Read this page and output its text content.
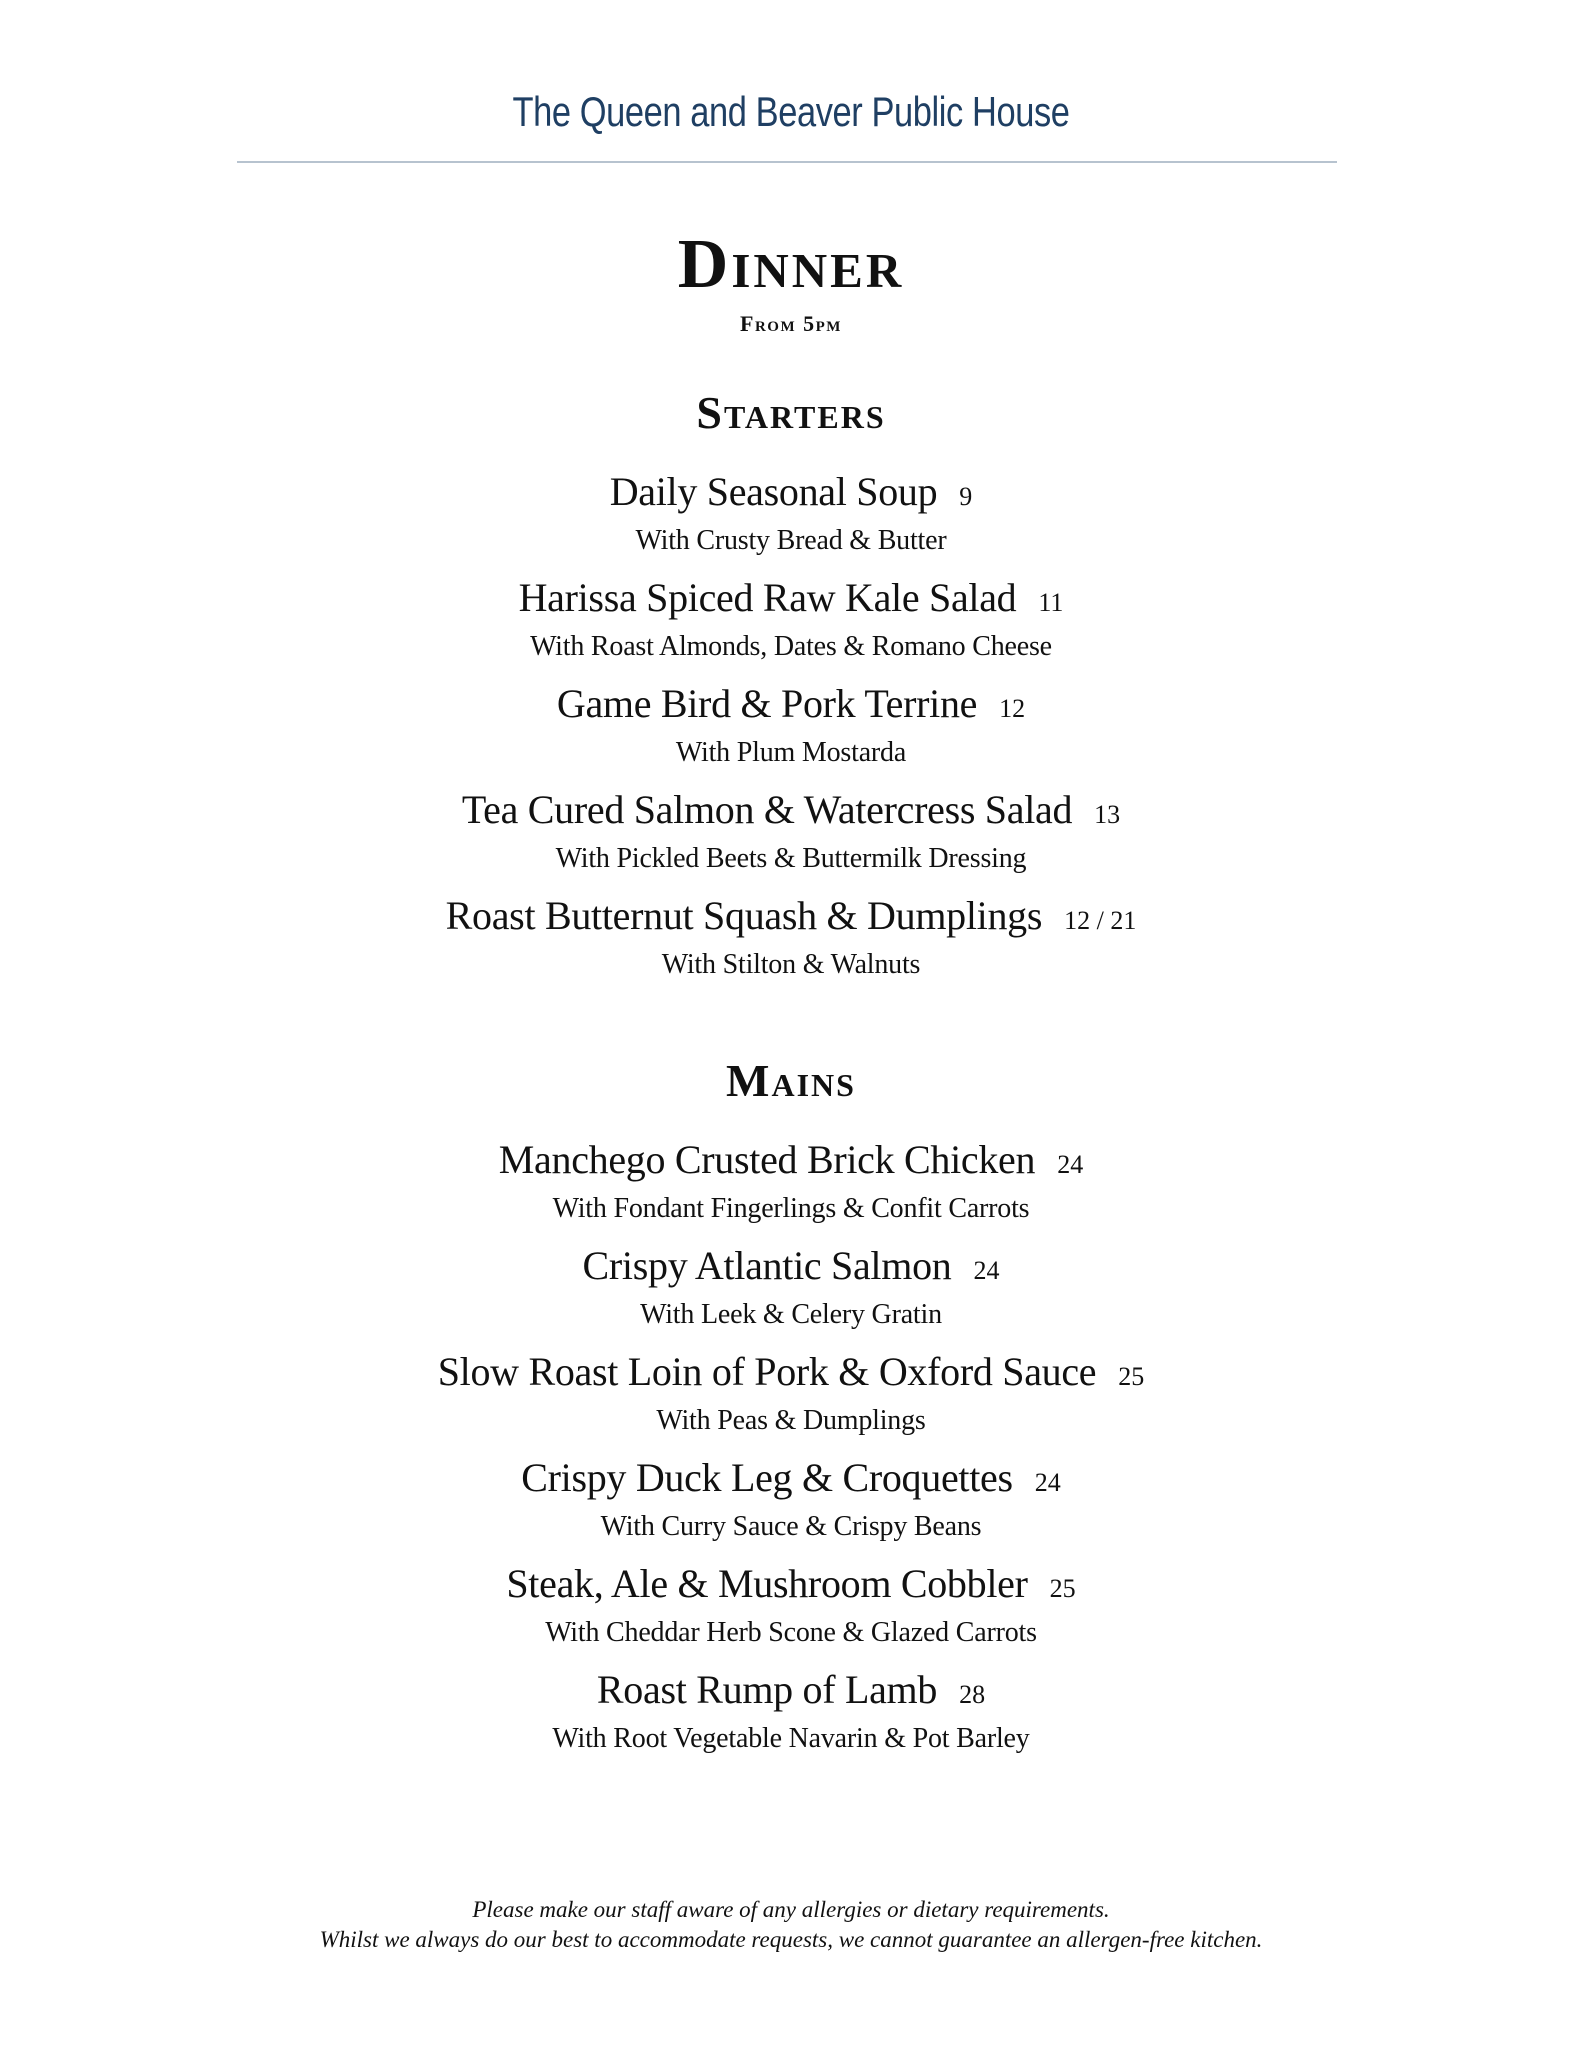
The Queen and Beaver Public House
Dinner
From 5pm
Starters
Daily Seasonal Soup 9
With Crusty Bread & Butter
Harissa Spiced Raw Kale Salad 11
With Roast Almonds, Dates & Romano Cheese
Game Bird & Pork Terrine 12
With Plum Mostarda
Tea Cured Salmon & Watercress Salad 13
With Pickled Beets & Buttermilk Dressing
Roast Butternut Squash & Dumplings 12 / 21
With Stilton & Walnuts
Mains
Manchego Crusted Brick Chicken 24
With Fondant Fingerlings & Confit Carrots
Crispy Atlantic Salmon 24
With Leek & Celery Gratin
Slow Roast Loin of Pork & Oxford Sauce 25
With Peas & Dumplings
Crispy Duck Leg & Croquettes 24
With Curry Sauce & Crispy Beans
Steak, Ale & Mushroom Cobbler 25
With Cheddar Herb Scone & Glazed Carrots
Roast Rump of Lamb 28
With Root Vegetable Navarin & Pot Barley
Please make our staff aware of any allergies or dietary requirements.
Whilst we always do our best to accommodate requests, we cannot guarantee an allergen-free kitchen.
